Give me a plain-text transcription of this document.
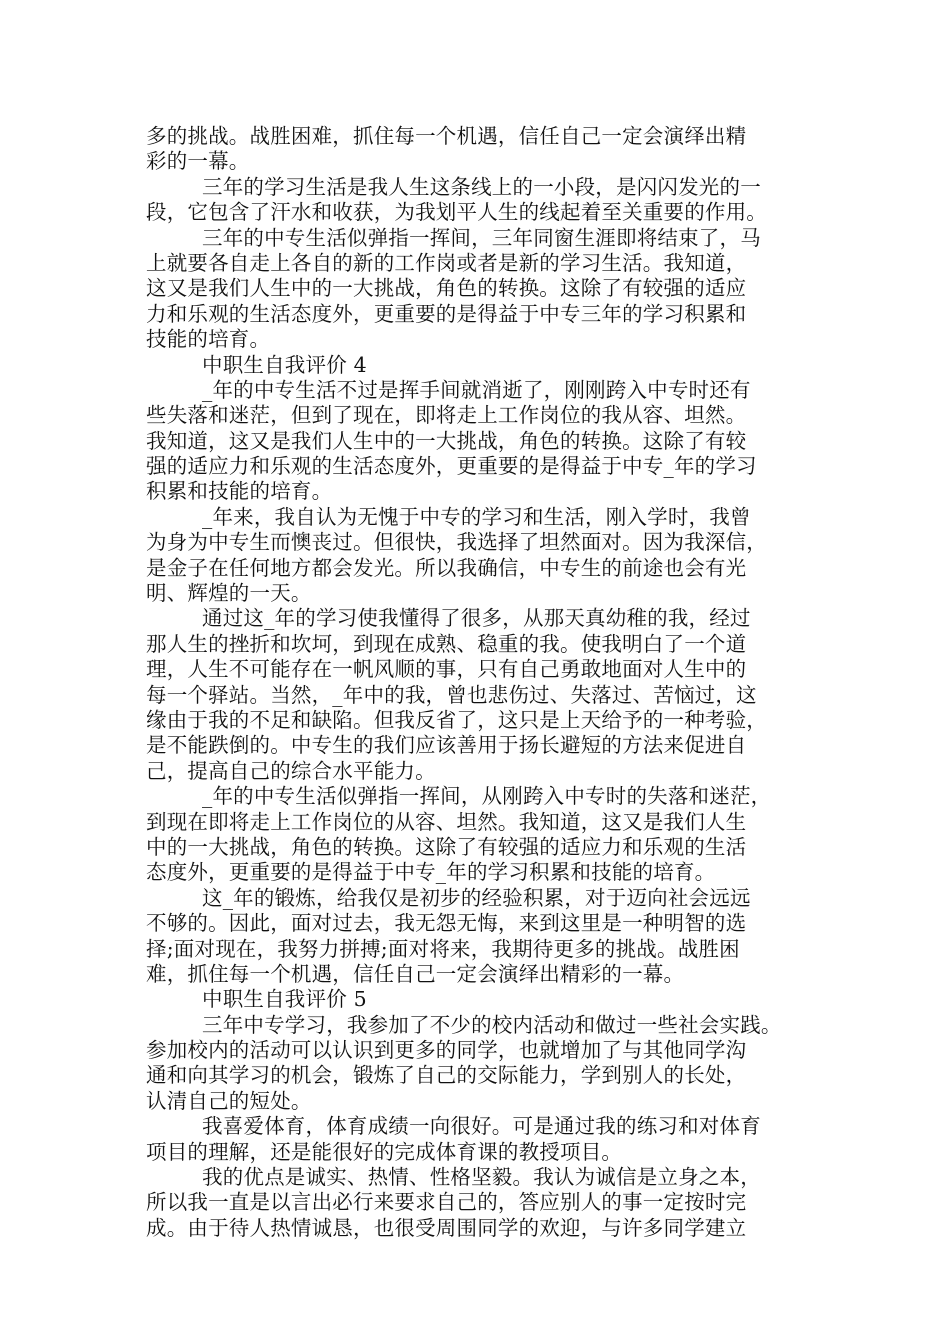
多的挑战。战胜困难，抓住每一个机遇，信任自己一定会演绎出精
彩的一幕。
三年的学习生活是我人生这条线上的一小段，是闪闪发光的一
段，它包含了汗水和收获，为我划平人生的线起着至关重要的作用。
三年的中专生活似弹指一挥间，三年同窗生涯即将结束了，马
上就要各自走上各自的新的工作岗或者是新的学习生活。我知道，
这又是我们人生中的一大挑战，角色的转换。这除了有较强的适应
力和乐观的生活态度外，更重要的是得益于中专三年的学习积累和
技能的培育。
中职生自我评价 4
_年的中专生活不过是挥手间就消逝了，刚刚跨入中专时还有
些失落和迷茫，但到了现在，即将走上工作岗位的我从容、坦然。
我知道，这又是我们人生中的一大挑战，角色的转换。这除了有较
强的适应力和乐观的生活态度外，更重要的是得益于中专_年的学习
积累和技能的培育。
_年来，我自认为无愧于中专的学习和生活，刚入学时，我曾
为身为中专生而懊丧过。但很快，我选择了坦然面对。因为我深信，
是金子在任何地方都会发光。所以我确信，中专生的前途也会有光
明、辉煌的一天。
通过这_年的学习使我懂得了很多，从那天真幼稚的我，经过
那人生的挫折和坎坷，到现在成熟、稳重的我。使我明白了一个道
理，人生不可能存在一帆风顺的事，只有自己勇敢地面对人生中的
每一个驿站。当然，_年中的我，曾也悲伤过、失落过、苦恼过，这
缘由于我的不足和缺陷。但我反省了，这只是上天给予的一种考验，
是不能跌倒的。中专生的我们应该善用于扬长避短的方法来促进自
己，提高自己的综合水平能力。
_年的中专生活似弹指一挥间，从刚跨入中专时的失落和迷茫，
到现在即将走上工作岗位的从容、坦然。我知道，这又是我们人生
中的一大挑战，角色的转换。这除了有较强的适应力和乐观的生活
态度外，更重要的是得益于中专_年的学习积累和技能的培育。
这_年的锻炼，给我仅是初步的经验积累，对于迈向社会远远
不够的。因此，面对过去，我无怨无悔，来到这里是一种明智的选
择;面对现在，我努力拼搏;面对将来，我期待更多的挑战。战胜困
难，抓住每一个机遇，信任自己一定会演绎出精彩的一幕。
中职生自我评价 5
三年中专学习，我参加了不少的校内活动和做过一些社会实践。
参加校内的活动可以认识到更多的同学，也就增加了与其他同学沟
通和向其学习的机会，锻炼了自己的交际能力，学到别人的长处，
认清自己的短处。
我喜爱体育，体育成绩一向很好。可是通过我的练习和对体育
项目的理解，还是能很好的完成体育课的教授项目。
我的优点是诚实、热情、性格坚毅。我认为诚信是立身之本，
所以我一直是以言出必行来要求自己的，答应别人的事一定按时完
成。由于待人热情诚恳，也很受周围同学的欢迎，与许多同学建立
